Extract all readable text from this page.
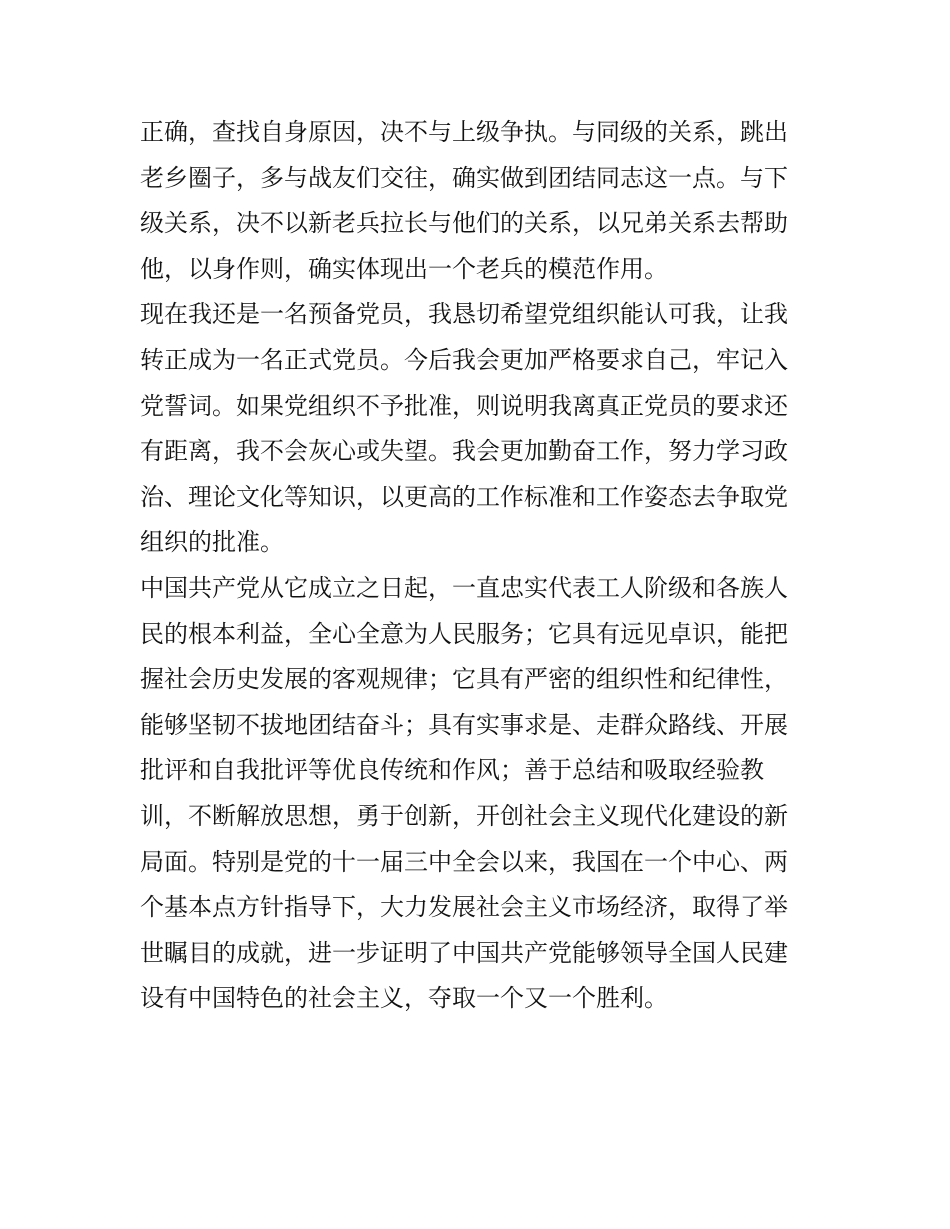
正确，查找自身原因，决不与上级争执。与同级的关系，跳出
老乡圈子，多与战友们交往，确实做到团结同志这一点。与下
级关系，决不以新老兵拉长与他们的关系，以兄弟关系去帮助
他，以身作则，确实体现出一个老兵的模范作用。
现在我还是一名预备党员，我恳切希望党组织能认可我，让我
转正成为一名正式党员。今后我会更加严格要求自己，牢记入
党誓词。如果党组织不予批准，则说明我离真正党员的要求还
有距离，我不会灰心或失望。我会更加勤奋工作，努力学习政
治、理论文化等知识，以更高的工作标准和工作姿态去争取党
组织的批准。
中国共产党从它成立之日起，一直忠实代表工人阶级和各族人
民的根本利益，全心全意为人民服务；它具有远见卓识，能把
握社会历史发展的客观规律；它具有严密的组织性和纪律性，
能够坚韧不拔地团结奋斗；具有实事求是、走群众路线、开展
批评和自我批评等优良传统和作风；善于总结和吸取经验教
训，不断解放思想，勇于创新，开创社会主义现代化建设的新
局面。特别是党的十一届三中全会以来，我国在一个中心、两
个基本点方针指导下，大力发展社会主义市场经济，取得了举
世瞩目的成就，进一步证明了中国共产党能够领导全国人民建
设有中国特色的社会主义，夺取一个又一个胜利。
